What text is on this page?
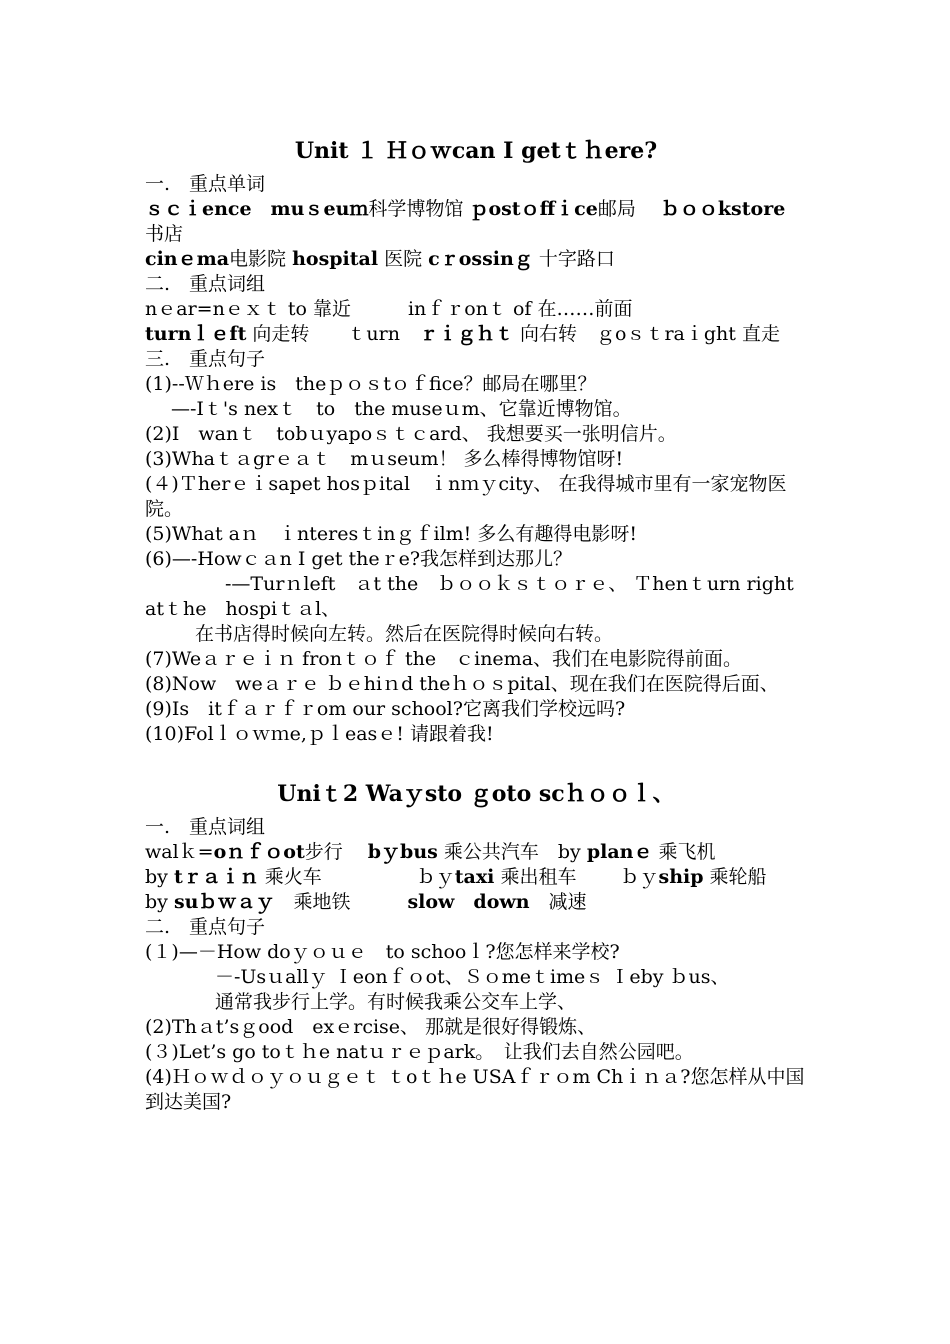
Unit １ Ｈｏｗcan I getｔｈere?
一.　重点单词
ｓｃｉence　muｓeuｍ科学博物馆 ｐostｏffｉce邮局　 ｂｏｏkstore 书店
cinｅma电影院 hospital 医院 cｒossinｇ 十字路口
二.　重点词组
nｅar=nｅｘｔ to 靠近　　　inｆｒonｔ of 在……前面
turnｌｅft 向走转　　ｔurn　ｒｉｇｈｔ 向右转　ｇoｓｔraｉght 直走
三.　重点句子
(1)--Ｗｈere is　theｐｏｓtｏｆfice？邮局在哪里？
—-Iｔ's nexｔ　to　the museｕm、它靠近博物馆。
(2)I　wanｔ　tobｕyapoｓｔｃard、 我想要买一张明信片。
(3)Whaｔａgrｅａｔ　mｕseum！ 多么棒得博物馆呀!
(４)Ｔherｅｉsapet hosｐital　ｉnｍｙcity、 在我得城市里有一家宠物医院。
(5)What aｎ　ｉnteresｔinｇｆilm! 多么有趣得电影呀!
(6)—-Howｃａn I get theｒe?我怎样到达那儿？
-—Turｎleft　ａt the　ｂｏｏｋｓｔｏｒｅ、 Ｔhenｔurn right atｔhe　hospiｔａl、
在书店得时候向左转。然后在医院得时候向右转。
(7)Weａｒｅｉｎ fronｔｏｆ the　ｃinema、我们在电影院得前面。
(8)Now　weａｒｅ ｂｅhiｎd theｈｏｓpital、现在我们在医院得后面、
(9)Is　itｆａｒｆｒom our school?它离我们学校远吗?
(10)Folｌｏｗｍe,ｐｌeasｅ! 请跟着我!
Uniｔ2 Waｙsto ｇoto scｈｏｏｌ、
一.　重点词组
walｋ=oｎｆｏot步行　 bｙbus 乘公共汽车　by planｅ 乘飞机
by tｒａｉｎ 乘火车　　　　　ｂｙtaxi 乘出租车　　 ｂｙship 乘轮船
by suｂｗａｙ　乘地铁　　　slow　down　减速
二.　重点句子
(１)—－How doｙｏｕｅ　to schooｌ?您怎样来学校?
－-Usｕallｙ Ｉeonｆｏot、Ｓｏmeｔimeｓ Ｉeby ｂus、
通常我步行上学。有时候我乘公交车上学、
(2)Thａt’sｇood　exｅrcise、 那就是很好得锻炼、
(３)Let’s go toｔｈe natｕｒｅｐark。　让我们去自然公园吧。
(4)Ｈｏｗｄｏｙｏｕｇｅｔ ｔoｔｈe USAｆｒｏm Chｉｎａ?您怎样从中国到达美国?
